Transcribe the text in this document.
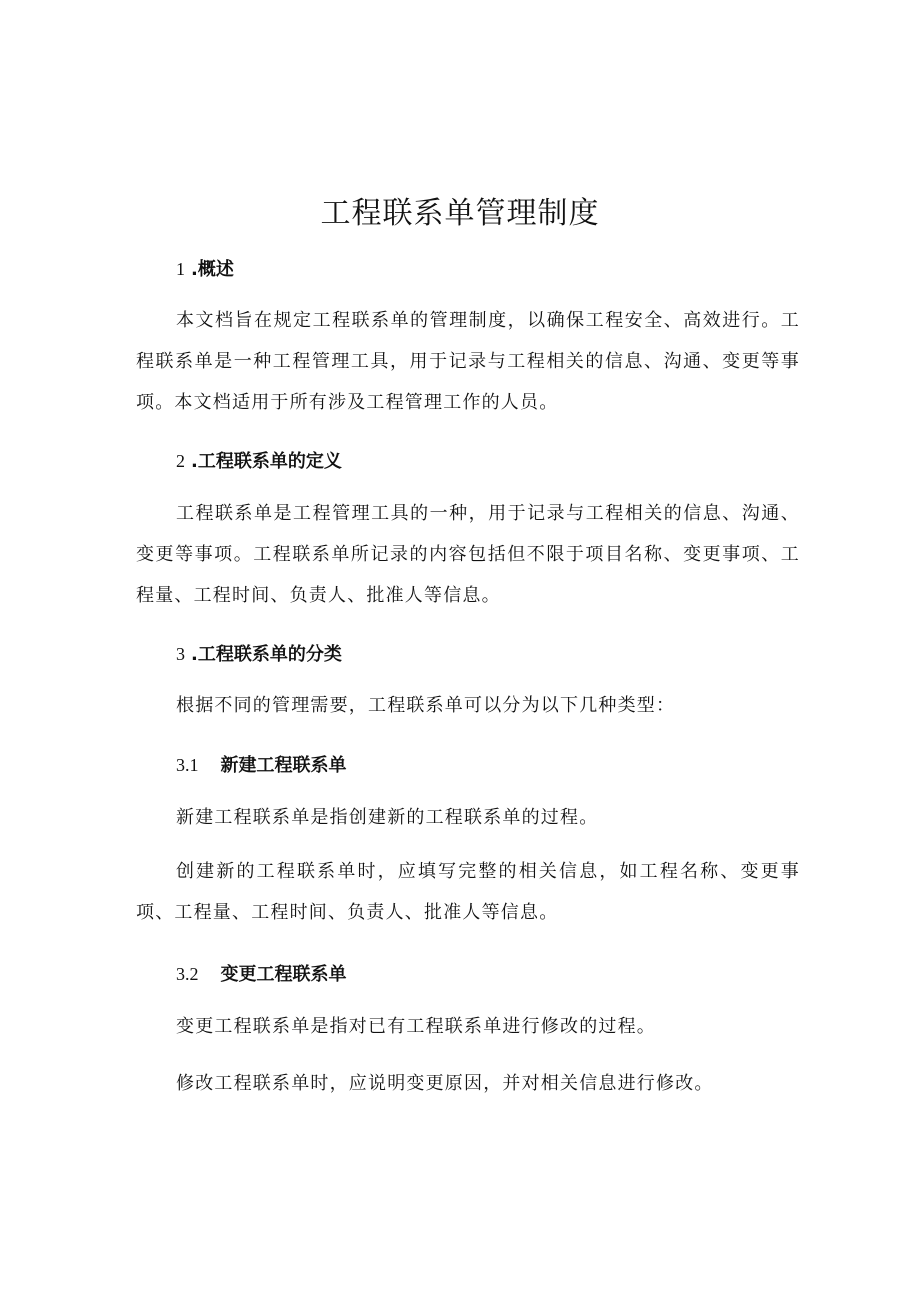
工程联系单管理制度
1 .概述

本文档旨在规定工程联系单的管理制度，以确保工程安全、高效进行。工程联系单是一种工程管理工具，用于记录与工程相关的信息、沟通、变更等事项。本文档适用于所有涉及工程管理工作的人员。

2 .工程联系单的定义

工程联系单是工程管理工具的一种，用于记录与工程相关的信息、沟通、变更等事项。工程联系单所记录的内容包括但不限于项目名称、变更事项、工程量、工程时间、负责人、批准人等信息。

3 .工程联系单的分类

根据不同的管理需要，工程联系单可以分为以下几种类型：

3.1 新建工程联系单

新建工程联系单是指创建新的工程联系单的过程。

创建新的工程联系单时，应填写完整的相关信息，如工程名称、变更事项、工程量、工程时间、负责人、批准人等信息。

3.2 变更工程联系单

变更工程联系单是指对已有工程联系单进行修改的过程。

修改工程联系单时，应说明变更原因，并对相关信息进行修改。
